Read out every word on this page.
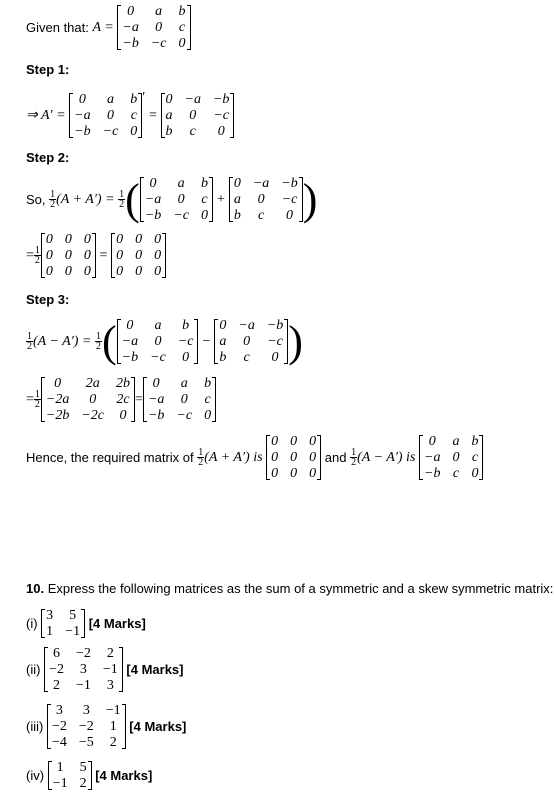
Given that:
A =

0	a	b
−a	0	c
−b −c 0
Step 1:
⇒ A′ =

0	a	b
−a	0	c
−b −c 0
′

=

0 −a −b
a	0	−c
b	c	0
Step 2:
So,
$\frac{1}{2} (A + A')$ =
$\frac{1}{2}$ ( 0	a	b
−a	0	c
−b −c 0
+
0 −a −b
a	0	−c
b	c	0 )
= $\frac{1}{2}$
0 0 0
0 0 0
0 0 0

=

0 0 0
0 0 0
0 0 0
Step 3:
$\frac{1}{2} (A - A')$ =
$\frac{1}{2}$ ( 0	a	b
−a	0	−c
−b −c	0
−
0 −a −b
a	0	−c
b	c	0 )
= $\frac{1}{2}$
0	2a	2b
−2a	0	2c
−2b −2c 0
=
0	a	b
−a	0	c
−b −c 0
Hence, the required matrix of
$\frac{1}{2} (A + A')$ is

0 0 0
0 0 0
0 0 0

and
$\frac{1}{2} (A - A')$ is

0	a b
−a 0 c
−b c 0
10. Express the following matrices as the sum of a symmetric and a skew symmetric matrix:
(i)

3 5
1 −1

[4 Marks]
(ii)

6 −2 2
−2 3 −1
2 −1 3

[4 Marks]
(iii)

3 3 −1
−2 −2 1
−4 −5 2

[4 Marks]
(iv)

1 5
−1 2

[4 Marks]
